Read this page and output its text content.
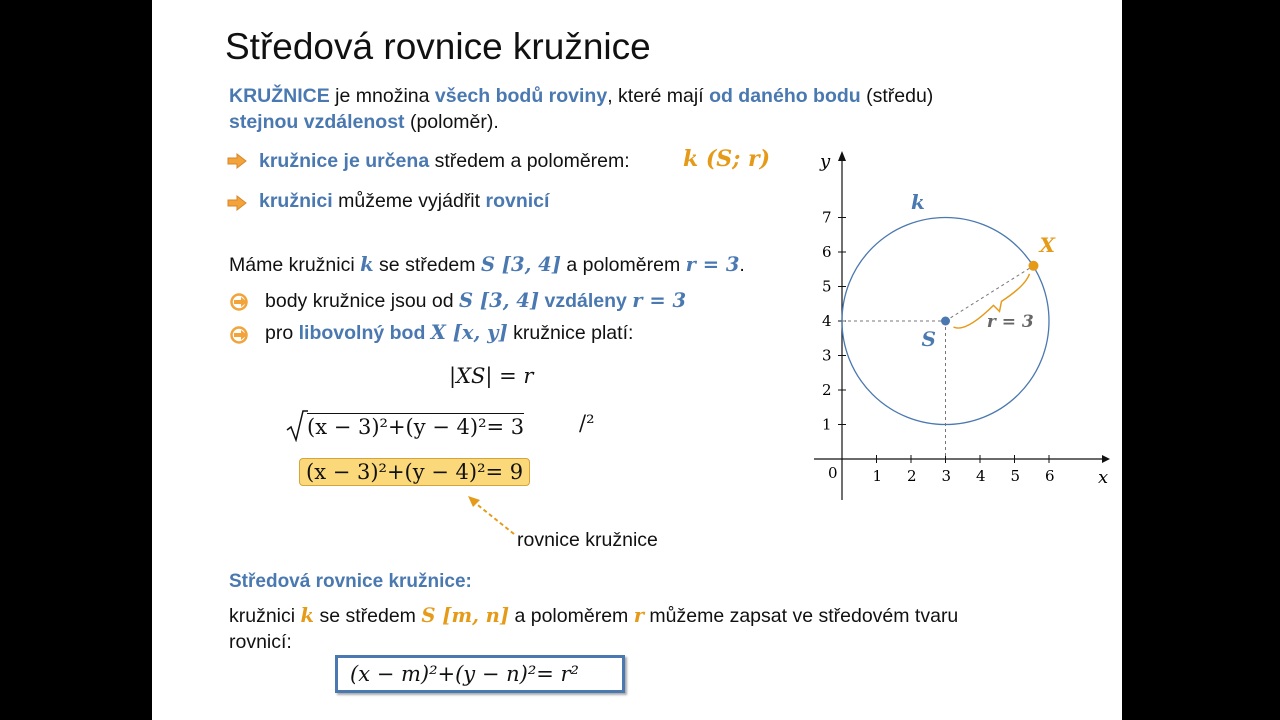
Středová rovnice kružnice
KRUŽNICE je množina všech bodů roviny, které mají od daného bodu (středu)
stejnou vzdálenost (poloměr).
kružnice je určena středem a poloměrem: k (S; r)
kružnici můžeme vyjádřit rovnicí
Máme kružnici k se středem S [3, 4] a poloměrem r = 3.
body kružnice jsou od S [3, 4] vzdáleny r = 3
pro libovolný bod X [x, y] kružnice platí:
|XS| = r
(x − 3)²+(y − 4)²= 3	/²
(x − 3)²+(y − 4)²= 9
rovnice kružnice
Středová rovnice kružnice:
kružnici k se středem S [m, n] a poloměrem r můžeme zapsat ve středovém tvaru
rovnicí:
(x − m)²+(y − n)²= r²
x
y
0 1 2 3 4 5 6
1
2
3
4
5
6
7
k
r = 3
S
X
